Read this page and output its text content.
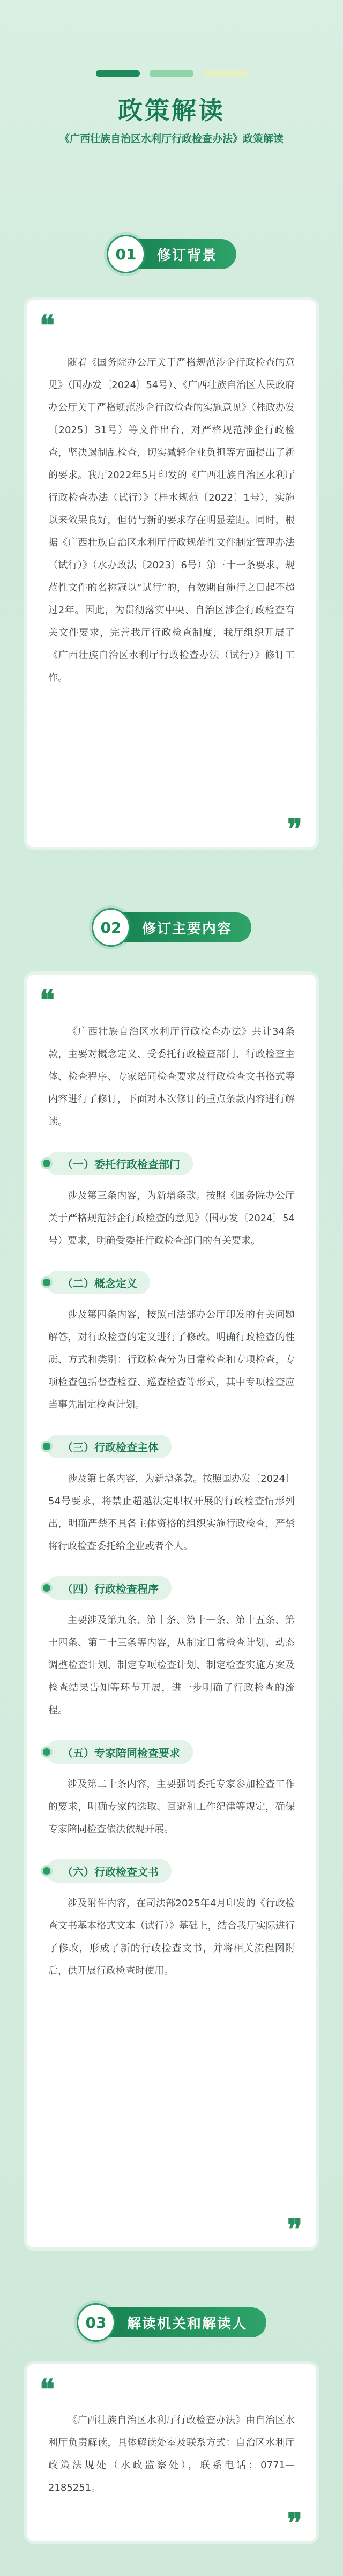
政策解读
《广西壮族自治区水利厅行政检查办法》政策解读
01	修订背景
❝

随着《国务院办公厅关于严格规范涉企行政检查的意见》（国办发〔2024〕54号）、《广西壮族自治区人民政府办公厅关于严格规范涉企行政检查的实施意见》（桂政办发〔2025〕31号）等文件出台，对严格规范涉企行政检查，坚决遏制乱检查，切实减轻企业负担等方面提出了新的要求。我厅2022年5月印发的《广西壮族自治区水利厅行政检查办法（试行）》（桂水规范〔2022〕1号），实施以来效果良好，但仍与新的要求存在明显差距。同时，根据《广西壮族自治区水利厅行政规范性文件制定管理办法（试行）》（水办政法〔2023〕6号）第三十一条要求，规范性文件的名称冠以“试行”的，有效期自施行之日起不超过2年。因此，为贯彻落实中央、自治区涉企行政检查有关文件要求，完善我厅行政检查制度，我厅组织开展了《广西壮族自治区水利厅行政检查办法（试行）》修订工作。

❞
02	修订主要内容
❝

《广西壮族自治区水利厅行政检查办法》共计34条款，主要对概念定义、受委托行政检查部门、行政检查主体、检查程序、专家陪同检查要求及行政检查文书格式等内容进行了修订，下面对本次修订的重点条款内容进行解读。

（一）委托行政检查部门

涉及第三条内容，为新增条款。按照《国务院办公厅关于严格规范涉企行政检查的意见》（国办发〔2024〕54号）要求，明确受委托行政检查部门的有关要求。

（二）概念定义

涉及第四条内容，按照司法部办公厅印发的有关问题解答，对行政检查的定义进行了修改。明确行政检查的性质、方式和类别：行政检查分为日常检查和专项检查，专项检查包括督查检查、巡查检查等形式，其中专项检查应当事先制定检查计划。

（三）行政检查主体

涉及第七条内容，为新增条款。按照国办发〔2024〕54号要求，将禁止超越法定职权开展的行政检查情形列出，明确严禁不具备主体资格的组织实施行政检查，严禁将行政检查委托给企业或者个人。

（四）行政检查程序

主要涉及第九条、第十条、第十一条、第十五条、第十四条、第二十三条等内容，从制定日常检查计划、动态调整检查计划、制定专项检查计划、制定检查实施方案及检查结果告知等环节开展，进一步明确了行政检查的流程。

（五）专家陪同检查要求

涉及第二十条内容，主要强调委托专家参加检查工作的要求，明确专家的选取、回避和工作纪律等规定，确保专家陪同检查依法依规开展。

（六）行政检查文书

涉及附件内容，在司法部2025年4月印发的《行政检查文书基本格式文本（试行）》基础上，结合我厅实际进行了修改，形成了新的行政检查文书，并将相关流程图附后，供开展行政检查时使用。

❞
03	解读机关和解读人
❝

《广西壮族自治区水利厅行政检查办法》由自治区水利厅负责解读，具体解读处室及联系方式：自治区水利厅政策法规处（水政监察处），联系电话：0771—2185251。

❞
